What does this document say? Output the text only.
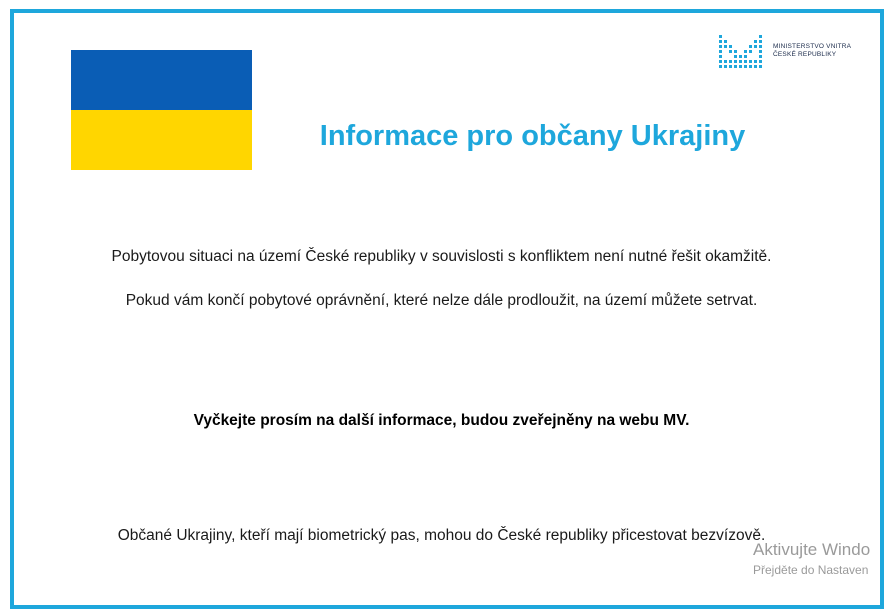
MINISTERSTVO VNITRA
ČESKÉ REPUBLIKY
Informace pro občany Ukrajiny
Pobytovou situaci na území České republiky v souvislosti s konfliktem není nutné řešit okamžitě.
Pokud vám končí pobytové oprávnění, které nelze dále prodloužit, na území můžete setrvat.
Vyčkejte prosím na další informace, budou zveřejněny na webu MV.
Občané Ukrajiny, kteří mají biometrický pas, mohou do České republiky přicestovat bezvízově.
Aktivujte Windo
Přejděte do Nastaven
